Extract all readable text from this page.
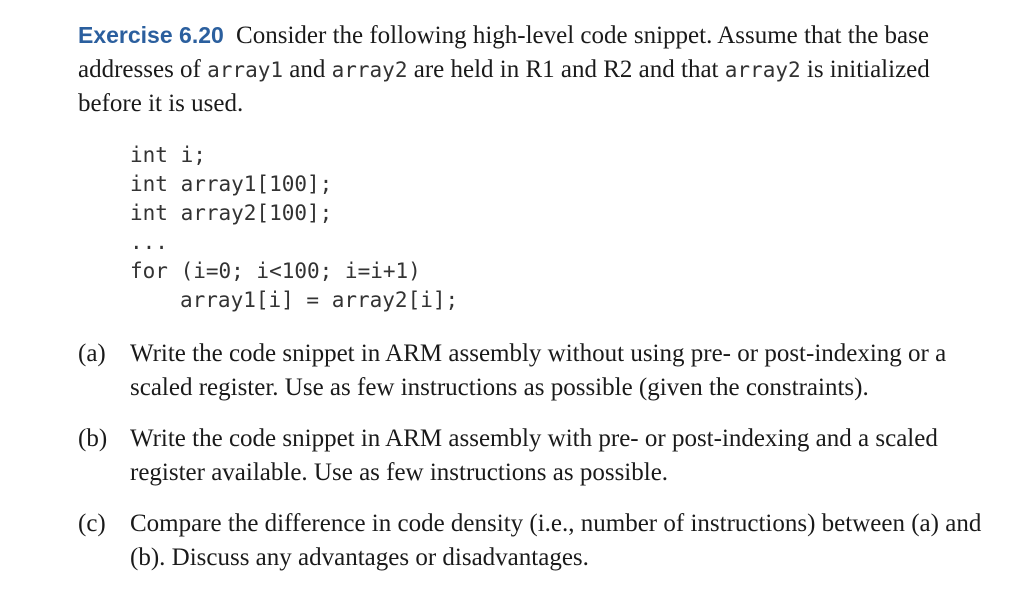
Exercise 6.20 Consider the following high-level code snippet. Assume that the base addresses of array1 and array2 are held in R1 and R2 and that array2 is initialized before it is used.

int i;
int array1[100];
int array2[100];
...
for (i=0; i<100; i=i+1)
array1[i] = array2[i];
(a) Write the code snippet in ARM assembly without using pre- or post-indexing or a scaled register. Use as few instructions as possible (given the constraints).
(b) Write the code snippet in ARM assembly with pre- or post-indexing and a scaled register available. Use as few instructions as possible.
(c) Compare the difference in code density (i.e., number of instructions) between (a) and (b). Discuss any advantages or disadvantages.
